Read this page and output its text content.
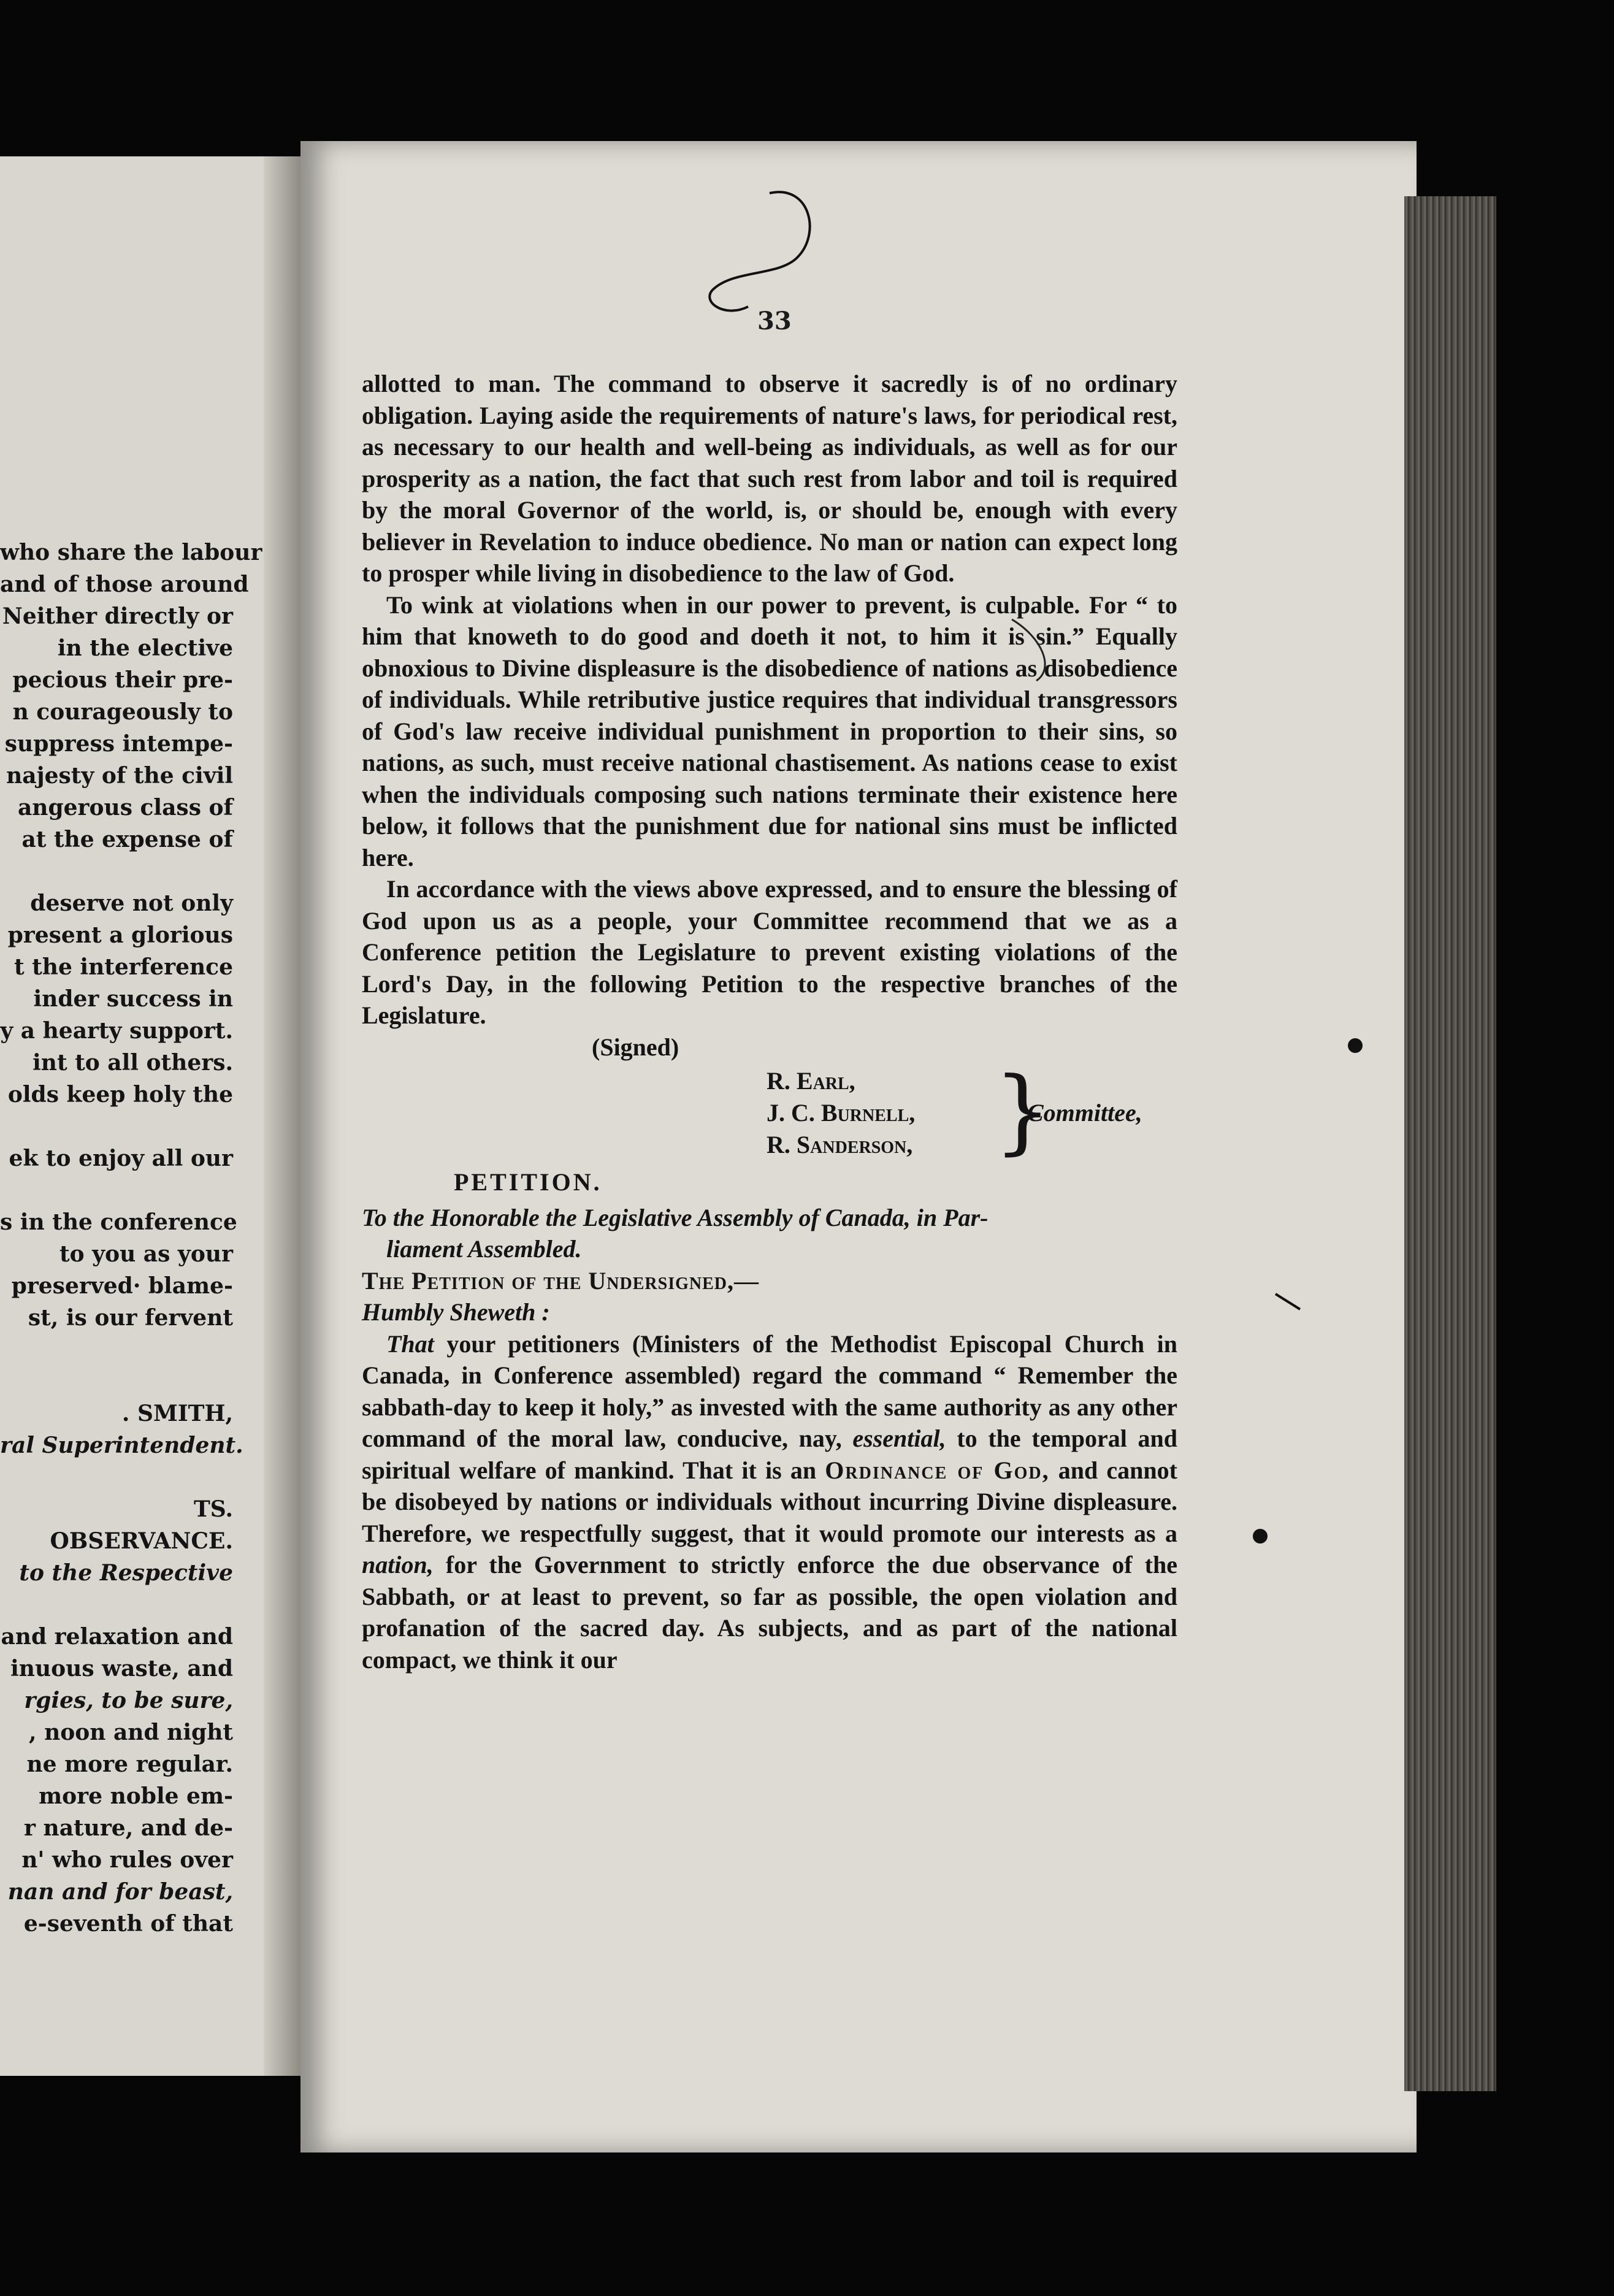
who share the labour
and of those around
Neither directly or
in the elective
pecious their pre-
n courageously to
suppress intempe-
najesty of the civil
angerous class of
at the expense of
deserve not only
present a glorious
t the interference
inder success in
y a hearty support.
int to all others.
olds keep holy the
ek to enjoy all our
s in the conference
to you as your
preserved· blame-
st, is our fervent
. SMITH,
ral Superintendent.
TS.
OBSERVANCE.
to the Respective
and relaxation and
inuous waste, and
rgies, to be sure,
, noon and night
ne more regular.
more noble em-
r nature, and de-
n' who rules over
nan and for beast,
e-seventh of that
33

allotted to man. The command to observe it sacredly is of no ordinary obligation. Laying aside the requirements of nature's laws, for periodical rest, as necessary to our health and well-being as individuals, as well as for our prosperity as a nation, the fact that such rest from labor and toil is required by the moral Governor of the world, is, or should be, enough with every believer in Revelation to induce obedience. No man or nation can expect long to prosper while living in disobedience to the law of God.

To wink at violations when in our power to prevent, is culpable. For “ to him that knoweth to do good and doeth it not, to him it is sin.” Equally obnoxious to Divine displeasure is the disobedience of nations as disobedience of individuals. While retributive justice requires that individual transgressors of God's law receive individual punishment in proportion to their sins, so nations, as such, must receive national chastisement. As nations cease to exist when the individuals composing such nations terminate their existence here below, it follows that the punishment due for national sins must be inflicted here.

In accordance with the views above expressed, and to ensure the blessing of God upon us as a people, your Committee recommend that we as a Conference petition the Legislature to prevent existing violations of the Lord's Day, in the following Petition to the respective branches of the Legislature.

(Signed)

R. Earl,
J. C. Burnell,
R. Sanderson, }
Committee,

PETITION.

To the Honorable the Legislative Assembly of Canada, in Par-
liament Assembled.

The Petition of the Undersigned,—

Humbly Sheweth :

That your petitioners (Ministers of the Methodist Episcopal Church in Canada, in Conference assembled) regard the command “ Remember the sabbath-day to keep it holy,” as invested with the same authority as any other command of the moral law, conducive, nay, essential, to the temporal and spiritual welfare of mankind. That it is an Ordinance of God, and cannot be disobeyed by nations or individuals without incurring Divine displeasure. Therefore, we respectfully suggest, that it would promote our interests as a nation, for the Government to strictly enforce the due observance of the Sabbath, or at least to prevent, so far as possible, the open violation and profanation of the sacred day. As subjects, and as part of the national compact, we think it our
